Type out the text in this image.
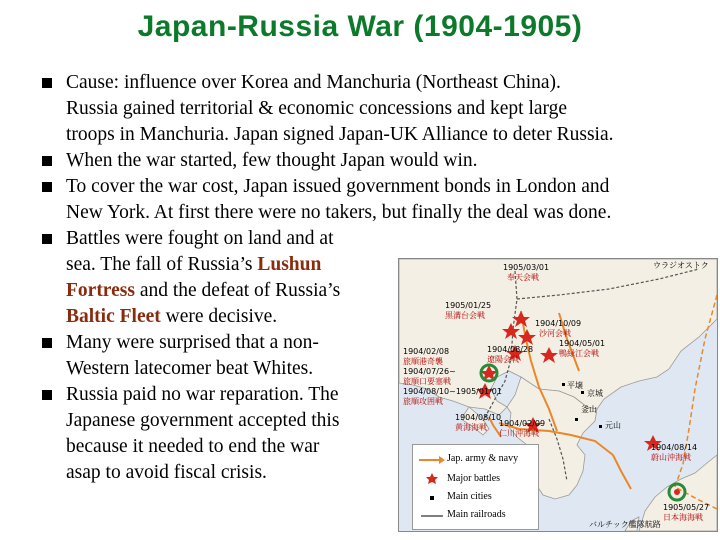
Japan-Russia War (1904-1905)
Cause: influence over Korea and Manchuria (Northeast China).
Russia gained territorial & economic concessions and kept large
troops in Manchuria. Japan signed Japan-UK Alliance to deter Russia.
When the war started, few thought Japan would win.
To cover the war cost, Japan issued government bonds in London and
New York. At first there were no takers, but finally the deal was done.
Battles were fought on land and at
sea. The fall of Russia’s Lushun
Fortress and the defeat of Russia’s
Baltic Fleet were decisive.
Many were surprised that a non-
Western latecomer beat Whites.
Russia paid no war reparation. The
Japanese government accepted this
because it needed to end the war
asap to avoid fiscal crisis.
ウラジオストク
1905/03/01
奉天会戦
1905/01/25
黒溝台会戦
1904/10/09
沙河会戦
1904/05/01
鴨緑江会戦
1904/02/08
旅順港奇襲
1904/08/28
遼陽会戦
1904/07/26~
旅順口要塞戦
1904/08/10~1905/01/01
旅順攻囲戦
1904/08/10
黄海海戦 1904/02/09
仁川沖海戦
1904/08/14
蔚山沖海戦
1905/05/27
日本海海戦
平壌
京城
釜山
元山
バルチック艦隊航路
Jap. army & navy
Major battles
Main cities
Main railroads
